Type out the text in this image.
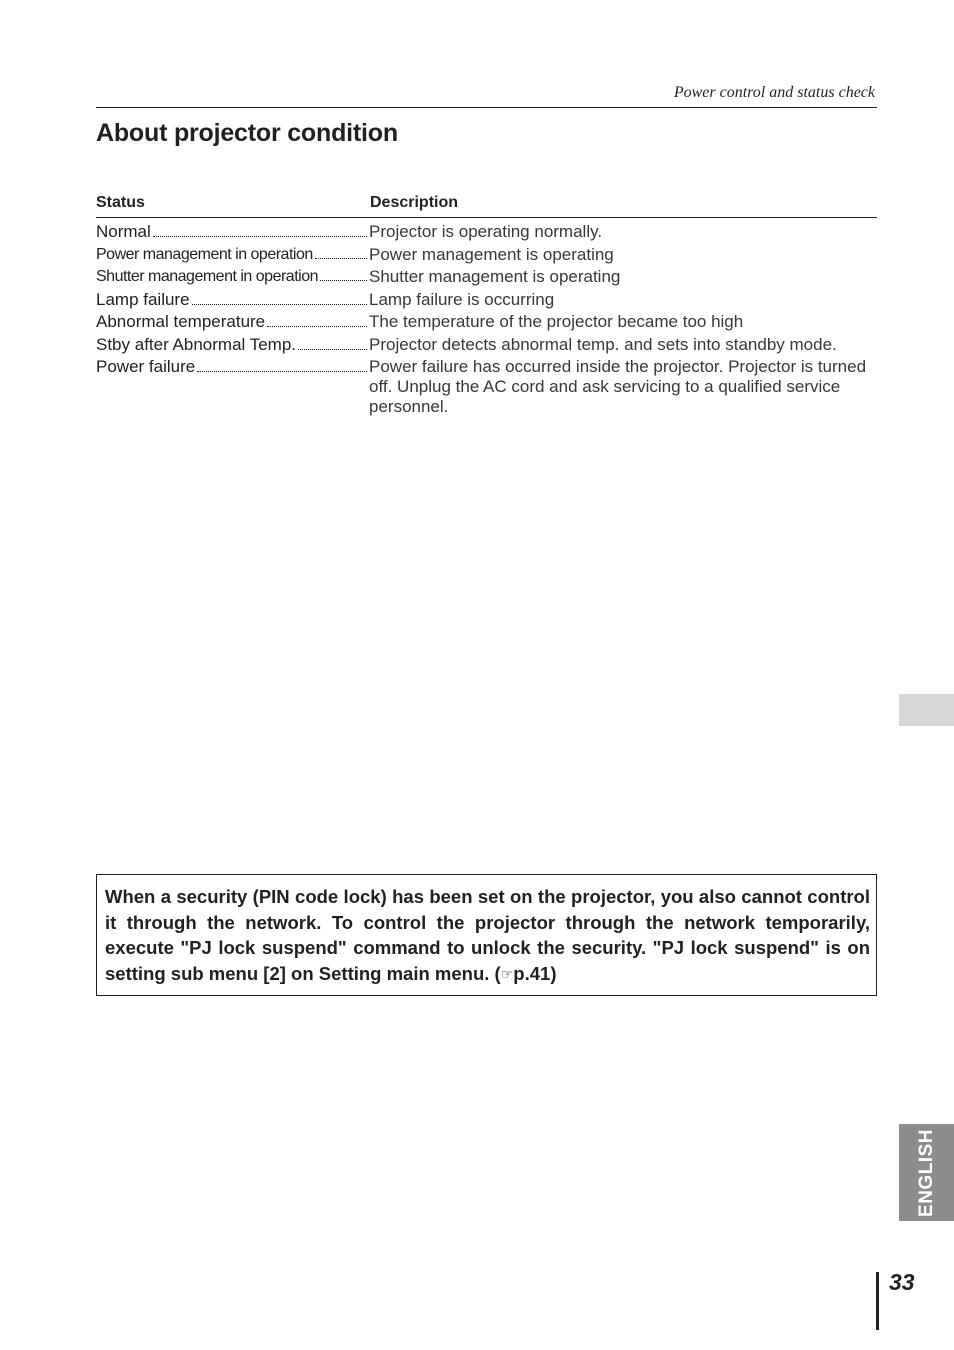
Power control and status check
About projector condition
Status	Description
Normal	Projector is operating normally.
Power management in operation	Power management is operating
Shutter management in operation	Shutter management is operating
Lamp failure	Lamp failure is occurring
Abnormal temperature	The temperature of the projector became too high
Stby after Abnormal Temp.	Projector detects abnormal temp. and sets into standby mode.
Power failure	Power failure has occurred inside the projector. Projector is turned off. Unplug the AC cord and ask servicing to a qualified service personnel.

When a security (PIN code lock) has been set on the projector, you also cannot control it through the network. To control the projector through the network temporarily, execute "PJ lock suspend" command to unlock the security. "PJ lock suspend" is on setting sub menu [2] on Setting main menu. (☞p.41)

ENGLISH
33
